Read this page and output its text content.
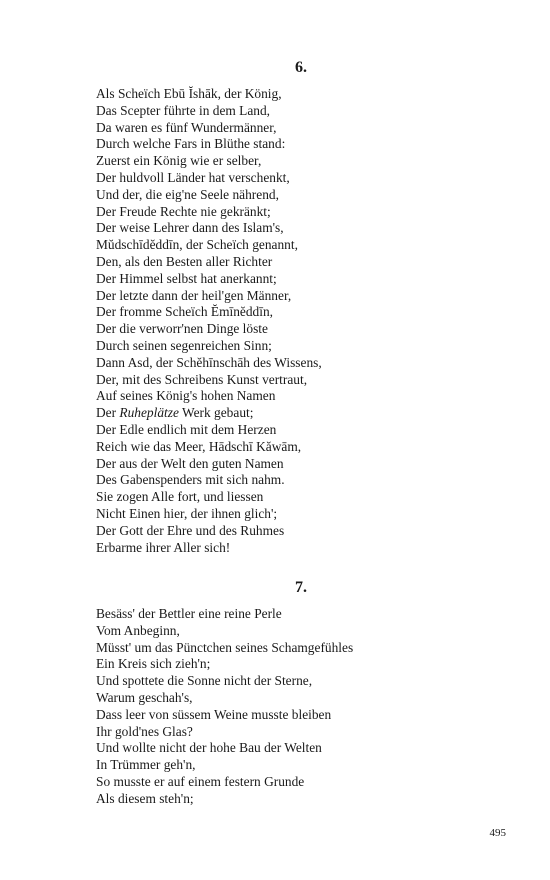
6.
Als Scheïch Ebū Ĭshāk, der König,
Das Scepter führte in dem Land,
Da waren es fünf Wundermänner,
Durch welche Fars in Blüthe stand:
Zuerst ein König wie er selber,
Der huldvoll Länder hat verschenkt,
Und der, die eig'ne Seele nährend,
Der Freude Rechte nie gekränkt;
Der weise Lehrer dann des Islam's,
Mŭdschīdĕddīn, der Scheïch genannt,
Den, als den Besten aller Richter
Der Himmel selbst hat anerkannt;
Der letzte dann der heil'gen Männer,
Der fromme Scheïch Ĕmīnĕddīn,
Der die verworr'nen Dinge löste
Durch seinen segenreichen Sinn;
Dann Asd, der Schĕhīnschāh des Wissens,
Der, mit des Schreibens Kunst vertraut,
Auf seines König's hohen Namen
Der Ruheplätze Werk gebaut;
Der Edle endlich mit dem Herzen
Reich wie das Meer, Hādschī Kăwām,
Der aus der Welt den guten Namen
Des Gabenspenders mit sich nahm.
Sie zogen Alle fort, und liessen
Nicht Einen hier, der ihnen glich';
Der Gott der Ehre und des Ruhmes
Erbarme ihrer Aller sich!
7.
Besäss' der Bettler eine reine Perle
Vom Anbeginn,
Müsst' um das Pünctchen seines Schamgefühles
Ein Kreis sich zieh'n;
Und spottete die Sonne nicht der Sterne,
Warum geschah's,
Dass leer von süssem Weine musste bleiben
Ihr gold'nes Glas?
Und wollte nicht der hohe Bau der Welten
In Trümmer geh'n,
So musste er auf einem festern Grunde
Als diesem steh'n;
495
